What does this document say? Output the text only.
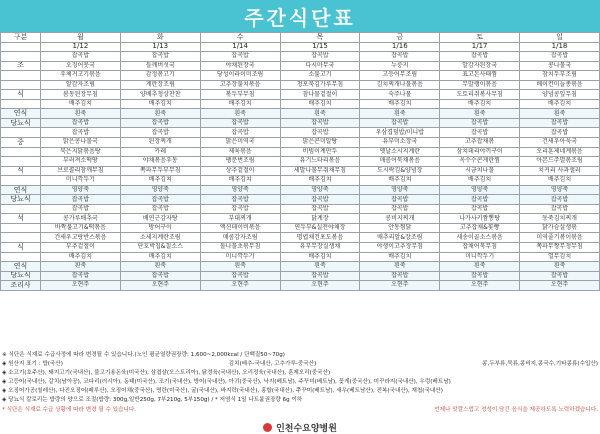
주간식단표
구분	월	화	수	목	금	토	일
	1/12	1/13	1/14	1/15	1/16	1/17	1/18
	잡곡밥	잡곡밥	잡곡밥	잡곡밥	잡곡밥	잡곡밥	잡곡밥
조	오징어뭇국	들깨버섯국	야채된장국	다시마무국	누룽지	알감자된장국	콩나물국
	우체거고기볶음	감정볶고기	당성이라이미조림	소불고기	고등어무조림	표고돈사태찜	참치두부조림
	알감자조림	계란장조림	고추장불치볶음	청포묵김가루무침	김치찌개나물볶음	무말랭이볶음	베이컨미늘종볶음
식	봄동된장무침	양배추청상찬찬	볶두부무침	참나물겉절이	숙주나물	도토리쥐볶사무침	양념콩잎무침
	배추김치	배추김치	배추김치	배추김치	배추김치	배추김치	배추김치
연식	흰죽	흰죽	흰죽	흰죽	흰죽	흰죽	흰죽
당뇨식	잡곡밥	잡곡밥	잡곡밥	잡곡밥	잡곡밥	잡곡밥	잡곡밥
	잡곡밥	잡곡밥	잡곡밥	잡곡밥	우삼겹덮밥/미니밥	잡곡밥	잡곡밥
중	맑은콩나물국	된장찌개	맑은미역국	맑은콘미알탕	유부미소장국	고추잡채볶	건새우아욱국
	묵은지닭볶음탕	카레	제육볶음	비빔이계만두	옛날소시지계란	삼치데리야끼구이	오리훈제네계볶음
	부러져소떡땅	야채볶음우동	팽분번조림	유기느타리볶음	매콤어묵채볶음	옥수수콘게란찜	아몬드주멸볶조림
식	브로콜리참깨무침	쪽파무두부무침	상추겉절이	세발나물무쥐채무침	도시락김&양념장	시금치나물	치커리 사과샐러
	미니깍두기	배추김치	배추김치	배추김치	배추김치	배추김치	배추김치
연식	영양죽	영양죽	영양죽	영양죽	영양죽	영양죽	영양죽
당뇨식	잡곡밥	잡곡밥	잡곡밥	잡곡밥	잡곡밥	잡곡밥	잡곡밥
	잡곡밥	잡곡밥	잡곡밥	잡곡밥	잡곡밥	잡곡밥	잡곡밥
석	콩가루배추국	배연근감자탕	부대찌개	닭계장	콩비지찌개	나가사키짬뽕탕	동죽김치찌개
	바짝불고기&떡볶음	방어구이	액션데이비볶음	연두부&실전야채장	안동찜닭	고추잡채&꽃빵	닭가슴살생볶
	건새우고랑반스볶음	소세지계란조림	매콤감자조림	명엽채건포도볶음	매추리알&장조림	새송이골소스볶음	미역줄기볶이볶음
식	부추겉절이	단호박칩&칠소스	돌나물초볶무침	유부무장실생채	야생이고추장무침	잡채어묵무침	쪽파무짱무청무침
	배추김치	배추김치	미니깍두기	배추김치	배추김치	미니깍두기	열무김치
연식	흰죽	흰죽	흰죽	흰죽	흰죽	흰죽	흰죽
당뇨식	잡곡밥	잡곡밥	잡곡밥	잡곡밥	잡곡밥	잡곡밥	잡곡밥
조리사	오현주	오현주	오현주	오현주	오현주	오현주	오현주
※ 식단은 식재료 수급사정에 따라 변경될 수 있습니다.(노인 평균열량권장량: 1,600~2,000kcal / 단백질50~70g)
◈ 원산지 표기 : 밥(국산)	김치(배추-국내산, 고추가루-중국산)	콩,두부류,묵류,콩비지,콩국수,기타콩류(수입산)
◈ 소고기(호주산), 돼지고기(국내산), 불고기용돈육(미국산), 삼겹살(오스트리아), 닭정육(국내산), 오리정육(국내산), 훈제오리(중국산)
◈ 고등어(국내산), 갈치(남아공), 코다리(러시아), 동태(미국산), 조기(국내산), 방어(국내산), 아귀(중국산), 낙지(베트남), 주꾸미(베트남), 꽃게(중국산), 미꾸라지(국내산), 우렁(베트남)
◈ 오징어가공(칠레산), 다진오징어(페루산), 오징어채(중국산), 명란(미국산), 굴(국내산), 바지락(국내산), 홍합(국내산), 쭈꾸미(베트남), 새우(베트남산), 전복(국내산), 재첩(국내산)
◈ 당뇨식 칼로리는 밥량의 양으로 조절(밥량: 300g,일반250g, 7부210g, 5부150g) / * 저염식 1일 나트륨권장량 6g 이하
* 식단은 식재료 수급 상황에 따라 변경 될 수 있습니다.	언제나 맛깔스럽고 정성이 담긴 음식을 제공하도록 노력하겠습니다.
인천수요양병원
